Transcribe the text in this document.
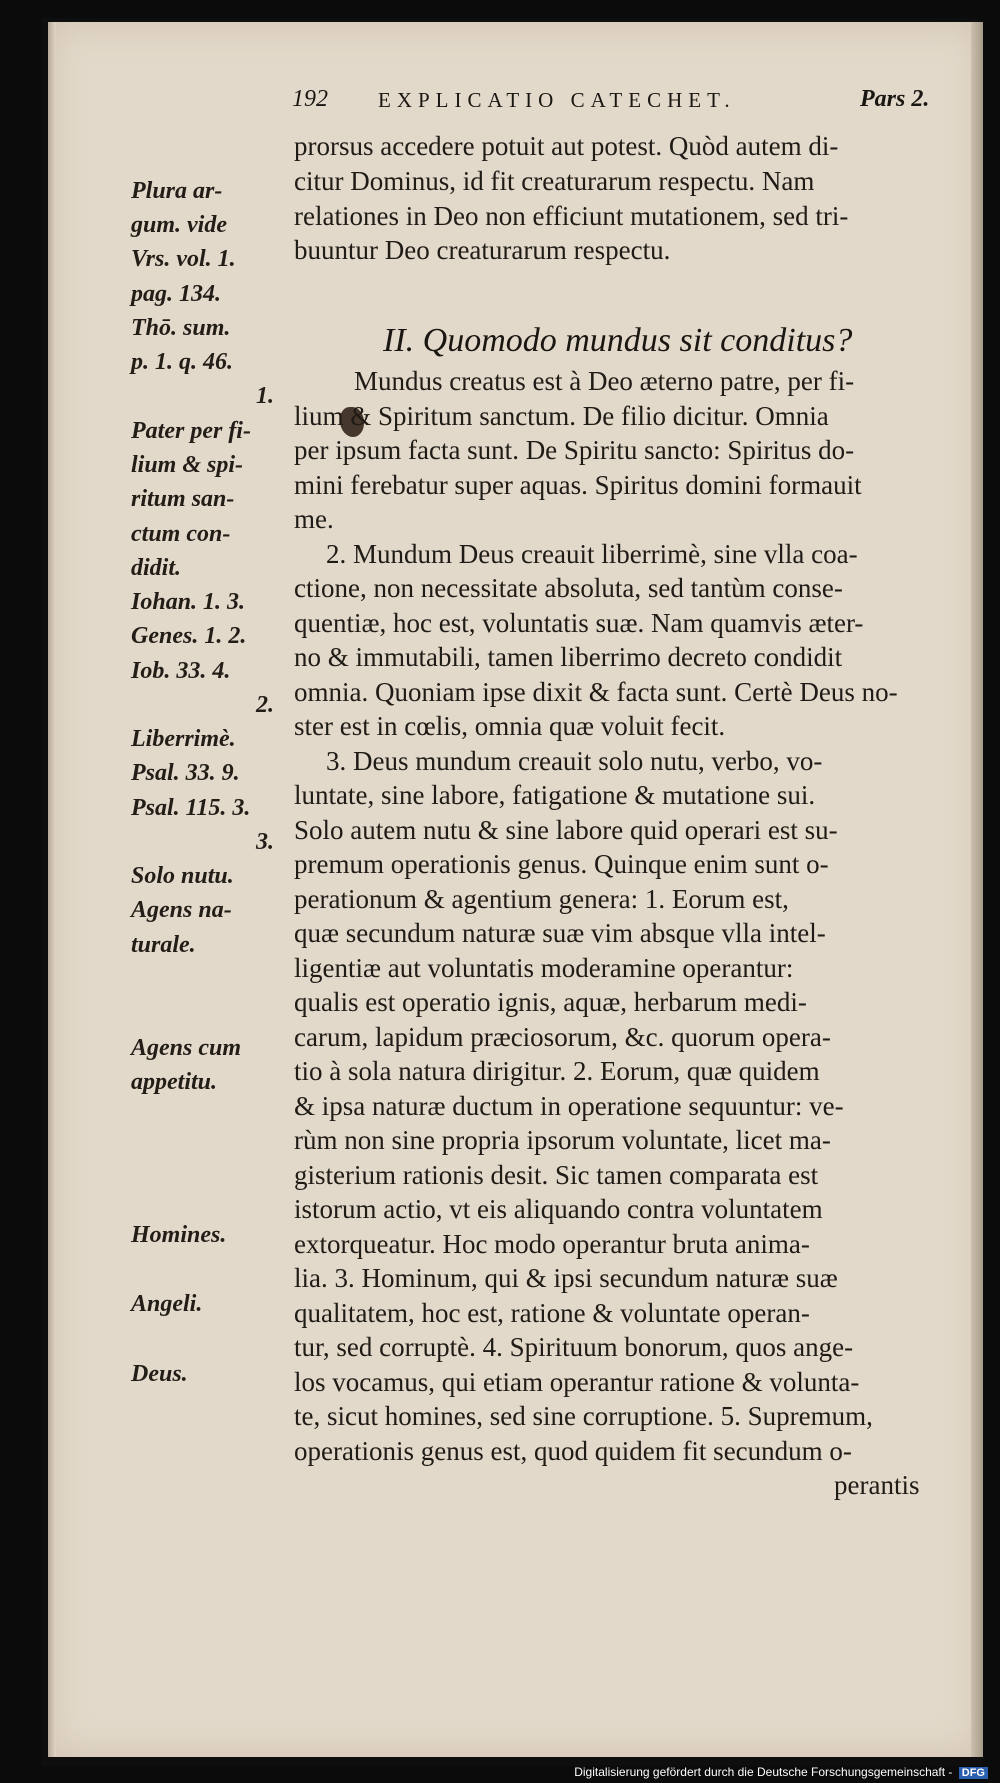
192 EXPLICATIO CATECHET.	Pars 2.
Plura ar-
gum. vide
Vrs. vol. 1.
pag. 134.
Thō. sum.
p. 1. q. 46.
1.
Pater per fi-
lium & spi-
ritum san-
ctum con-
didit.
Iohan. 1. 3.
Genes. 1. 2.
Iob. 33. 4.
2.
Liberrimè.
Psal. 33. 9.
Psal. 115. 3.
3.
Solo nutu.
Agens na-
turale.
Agens cum
appetitu.
Homines.
Angeli.
Deus.
II. Quomodo mundus sit conditus?
prorsus accedere potuit aut potest. Quòd autem di-
citur Dominus, id fit creaturarum respectu. Nam
relationes in Deo non efficiunt mutationem, sed tri-
buuntur Deo creaturarum respectu.
Mundus creatus est à Deo æterno patre, per fi-
lium & Spiritum sanctum. De filio dicitur. Omnia
per ipsum facta sunt. De Spiritu sancto: Spiritus do-
mini ferebatur super aquas. Spiritus domini formauit
me.
2. Mundum Deus creauit liberrimè, sine vlla coa-
ctione, non necessitate absoluta, sed tantùm conse-
quentiæ, hoc est, voluntatis suæ. Nam quamvis æter-
no & immutabili, tamen liberrimo decreto condidit
omnia. Quoniam ipse dixit & facta sunt. Certè Deus no-
ster est in cœlis, omnia quæ voluit fecit.
3. Deus mundum creauit solo nutu, verbo, vo-
luntate, sine labore, fatigatione & mutatione sui.
Solo autem nutu & sine labore quid operari est su-
premum operationis genus. Quinque enim sunt o-
perationum & agentium genera: 1. Eorum est,
quæ secundum naturæ suæ vim absque vlla intel-
ligentiæ aut voluntatis moderamine operantur:
qualis est operatio ignis, aquæ, herbarum medi-
carum, lapidum præciosorum, &c. quorum opera-
tio à sola natura dirigitur. 2. Eorum, quæ quidem
& ipsa naturæ ductum in operatione sequuntur: ve-
rùm non sine propria ipsorum voluntate, licet ma-
gisterium rationis desit. Sic tamen comparata est
istorum actio, vt eis aliquando contra voluntatem
extorqueatur. Hoc modo operantur bruta anima-
lia. 3. Hominum, qui & ipsi secundum naturæ suæ
qualitatem, hoc est, ratione & voluntate operan-
tur, sed corruptè. 4. Spirituum bonorum, quos ange-
los vocamus, qui etiam operantur ratione & volunta-
te, sicut homines, sed sine corruptione. 5. Supremum,
operationis genus est, quod quidem fit secundum o-
perantis
Digitalisierung gefördert durch die Deutsche Forschungsgemeinschaft - DFG
